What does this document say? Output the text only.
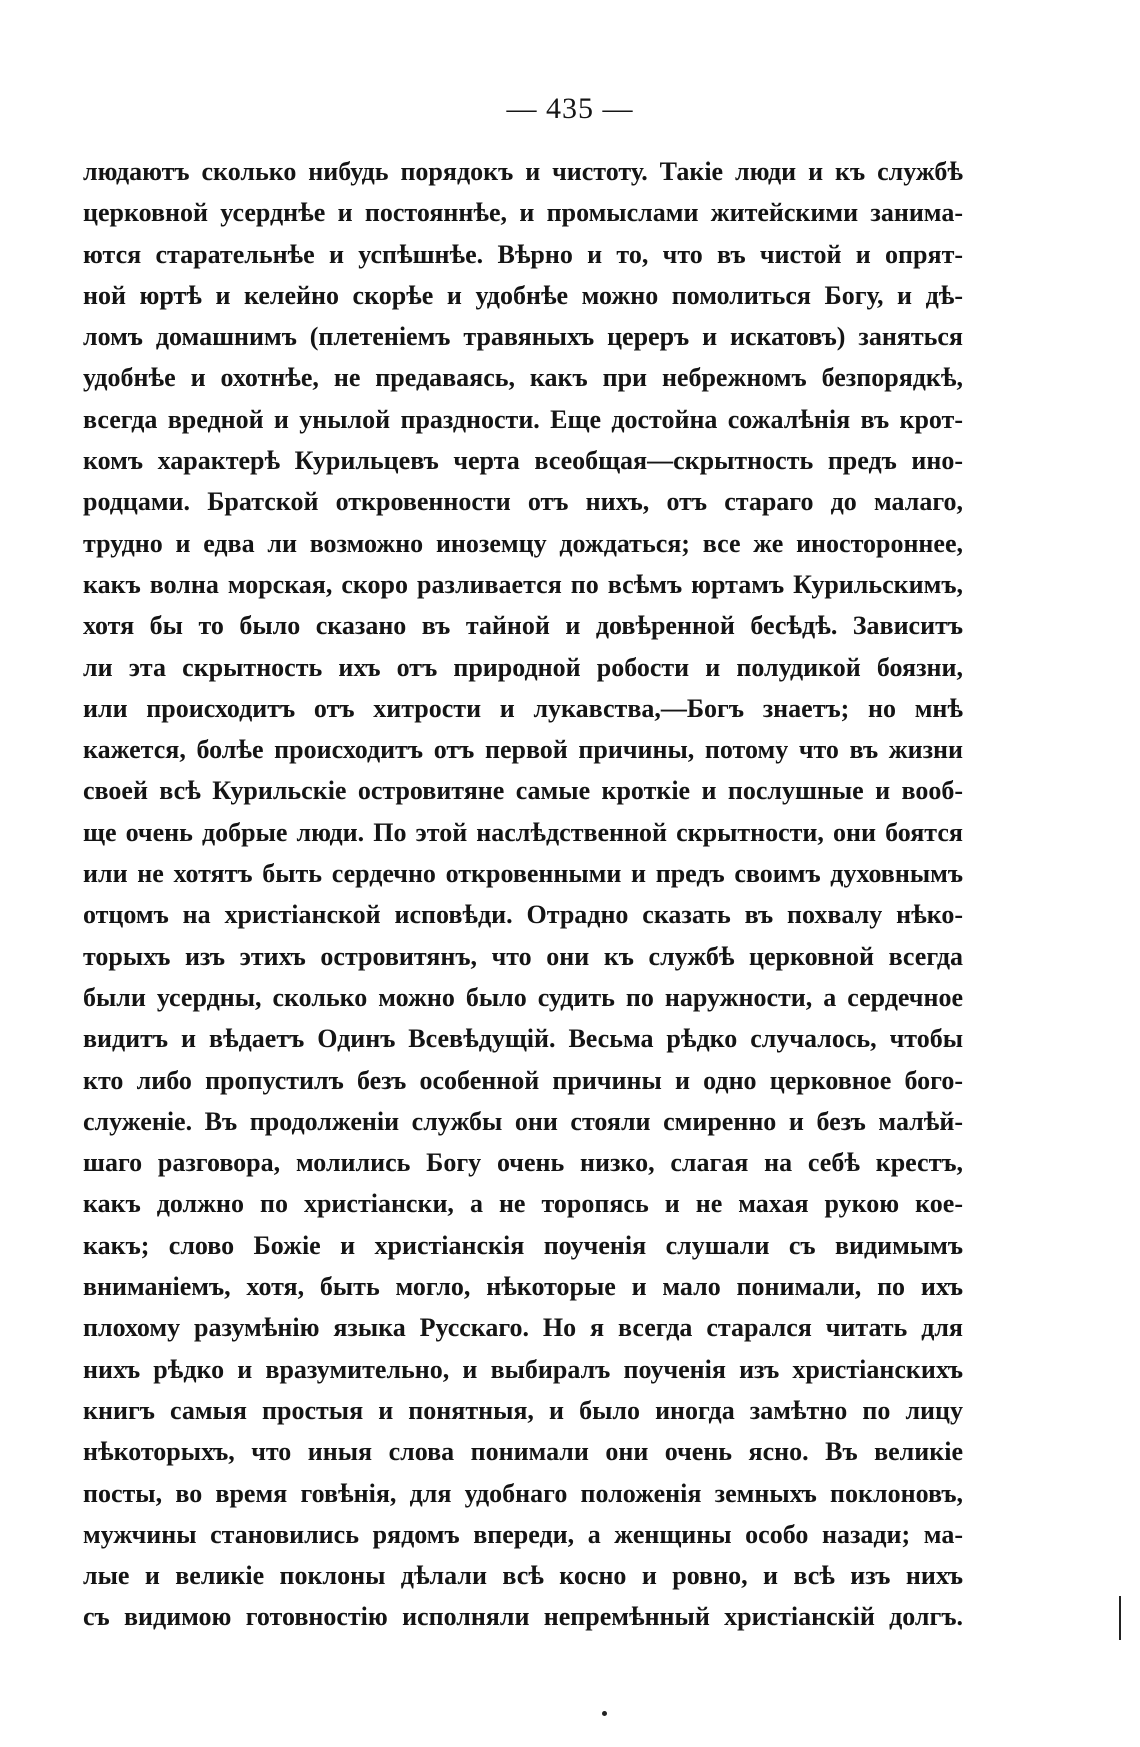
— 435 —
людаютъ сколько нибудь порядокъ и чистоту. Такіе люди и къ службѣ
церковной усерднѣе и постояннѣе, и промыслами житейскими занима-
ются старательнѣе и успѣшнѣе. Вѣрно и то, что въ чистой и опрят-
ной юртѣ и келейно скорѣе и удобнѣе можно помолиться Богу, и дѣ-
ломъ домашнимъ (плетеніемъ травяныхъ цереръ и искатовъ) заняться
удобнѣе и охотнѣе, не предаваясь, какъ при небрежномъ безпорядкѣ,
всегда вредной и унылой праздности. Еще достойна сожалѣнія въ крот-
комъ характерѣ Курильцевъ черта всеобщая—скрытность предъ ино-
родцами. Братской откровенности отъ нихъ, отъ стараго до малаго,
трудно и едва ли возможно иноземцу дождаться; все же иностороннее,
какъ волна морская, скоро разливается по всѣмъ юртамъ Курильскимъ,
хотя бы то было сказано въ тайной и довѣренной бесѣдѣ. Зависитъ
ли эта скрытность ихъ отъ природной робости и полудикой боязни,
или происходитъ отъ хитрости и лукавства,—Богъ знаетъ; но мнѣ
кажется, болѣе происходитъ отъ первой причины, потому что въ жизни
своей всѣ Курильскіе островитяне самые кроткіе и послушные и вооб-
ще очень добрые люди. По этой наслѣдственной скрытности, они боятся
или не хотятъ быть сердечно откровенными и предъ своимъ духовнымъ
отцомъ на христіанской исповѣди. Отрадно сказать въ похвалу нѣко-
торыхъ изъ этихъ островитянъ, что они къ службѣ церковной всегда
были усердны, сколько можно было судить по наружности, а сердечное
видитъ и вѣдаетъ Одинъ Всевѣдущій. Весьма рѣдко случалось, чтобы
кто либо пропустилъ безъ особенной причины и одно церковное бого-
служеніе. Въ продолженіи службы они стояли смиренно и безъ малѣй-
шаго разговора, молились Богу очень низко, слагая на себѣ крестъ,
какъ должно по христіански, а не торопясь и не махая рукою кое-
какъ; слово Божіе и христіанскія поученія слушали съ видимымъ
вниманіемъ, хотя, быть могло, нѣкоторые и мало понимали, по ихъ
плохому разумѣнію языка Русскаго. Но я всегда старался читать для
нихъ рѣдко и вразумительно, и выбиралъ поученія изъ христіанскихъ
книгъ самыя простыя и понятныя, и было иногда замѣтно по лицу
нѣкоторыхъ, что иныя слова понимали они очень ясно. Въ великіе
посты, во время говѣнія, для удобнаго положенія земныхъ поклоновъ,
мужчины становились рядомъ впереди, а женщины особо назади; ма-
лые и великіе поклоны дѣлали всѣ косно и ровно, и всѣ изъ нихъ
съ видимою готовностію исполняли непремѣнный христіанскій долгъ.
